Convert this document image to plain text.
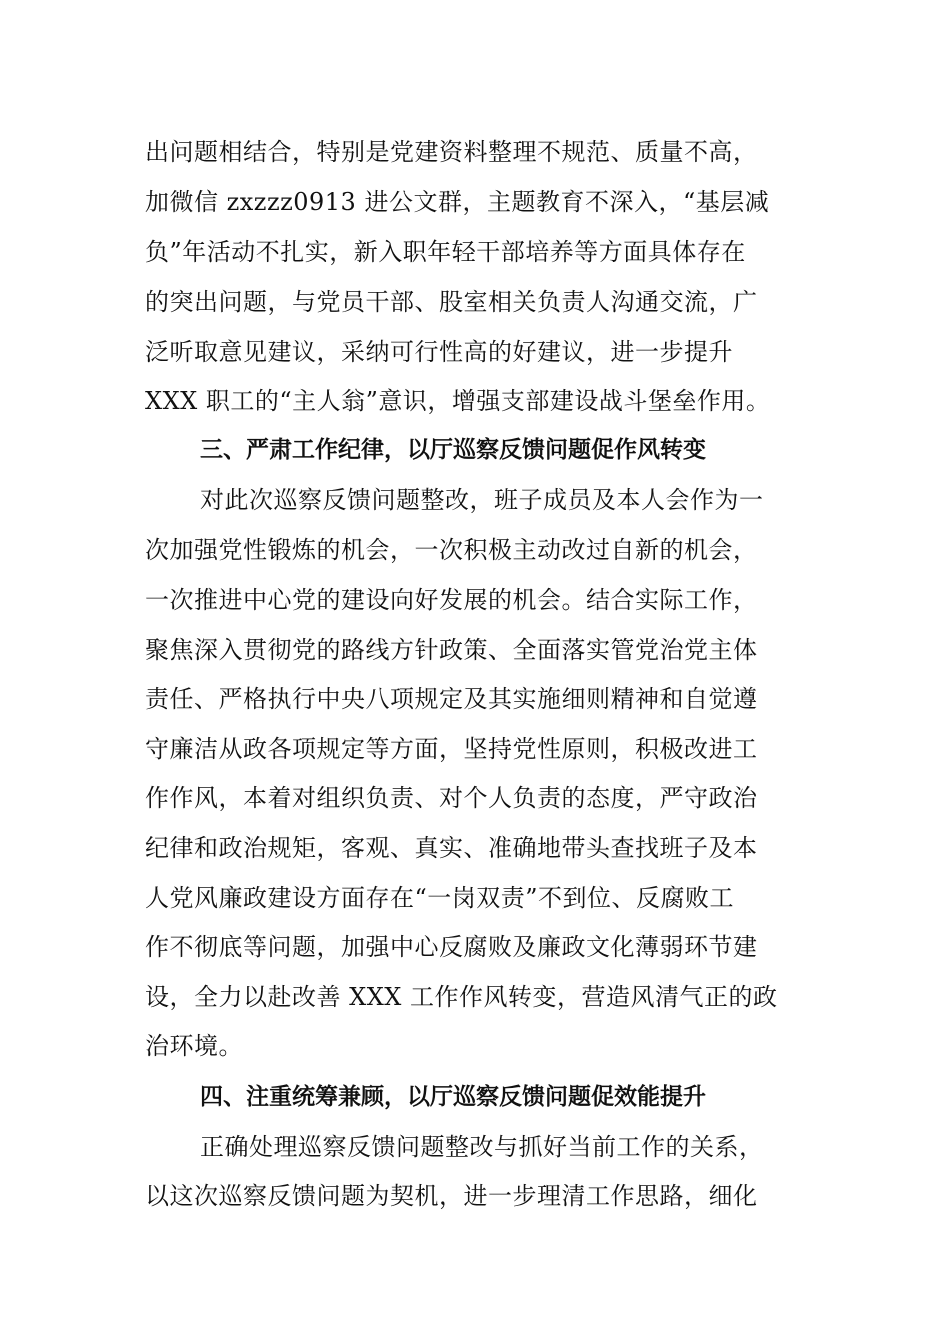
出问题相结合，特别是党建资料整理不规范、质量不高，
加微信 zxzzz0913 进公文群，主题教育不深入，“基层减
负”年活动不扎实，新入职年轻干部培养等方面具体存在
的突出问题，与党员干部、股室相关负责人沟通交流，广
泛听取意见建议，采纳可行性高的好建议，进一步提升
XXX 职工的“主人翁”意识，增强支部建设战斗堡垒作用。
三、严肃工作纪律，以厅巡察反馈问题促作风转变
对此次巡察反馈问题整改，班子成员及本人会作为一
次加强党性锻炼的机会，一次积极主动改过自新的机会，
一次推进中心党的建设向好发展的机会。结合实际工作，
聚焦深入贯彻党的路线方针政策、全面落实管党治党主体
责任、严格执行中央八项规定及其实施细则精神和自觉遵
守廉洁从政各项规定等方面，坚持党性原则，积极改进工
作作风，本着对组织负责、对个人负责的态度，严守政治
纪律和政治规矩，客观、真实、准确地带头查找班子及本
人党风廉政建设方面存在“一岗双责”不到位、反腐败工
作不彻底等问题，加强中心反腐败及廉政文化薄弱环节建
设，全力以赴改善 XXX 工作作风转变，营造风清气正的政
治环境。
四、注重统筹兼顾，以厅巡察反馈问题促效能提升
正确处理巡察反馈问题整改与抓好当前工作的关系，
以这次巡察反馈问题为契机，进一步理清工作思路，细化
